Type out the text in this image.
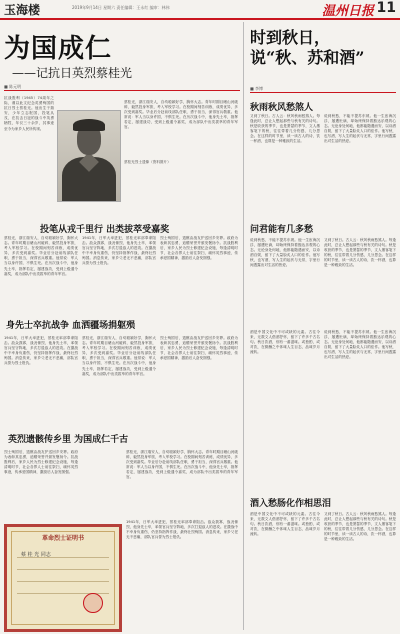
玉海楼	2019年9月14日 星期六 责任编辑：王永红 编审：林伟	温州日报 11
为国成仁
——记抗日英烈蔡桂光
■ 陈元明
抗战胜利（1945）74周年之际，谨以此文纪念英勇殉国的抗日烈士蔡桂光。他出生于瑞安，少年立志报国，投笔从戎，在抗击日寇的战斗中英勇牺牲，年仅三十余岁，其事迹至今为家乡人民所传颂。
蔡桂光烈士遗像（资料图片）
蔡桂光，浙江瑞安人，自幼聪颖好学，胸怀大志。青年时期目睹山河破碎，毅然投身军旅，考入军校学习。在校期间刻苦训练，成绩优异，多次受到嘉奖。毕业后分赴前线部队任职，勇于担当，深得官兵敬重。他常说：军人当以身许国，不惧生死。在历次战斗中，他身先士卒，指挥若定，屡建战功，受到上级通令嘉奖，成为部队中出类拔萃的青年军官。
投笔从戎千里行 出类拔萃受嘉奖
蔡桂光，浙江瑞安人，自幼聪颖好学，胸怀大志。青年时期目睹山河破碎，毅然投身军旅，考入军校学习。在校期间刻苦训练，成绩优异，多次受到嘉奖。毕业后分赴前线部队任职，勇于担当，深得官兵敬重。他常说：军人当以身许国，不惧生死。在历次战斗中，他身先士卒，指挥若定，屡建战功，受到上级通令嘉奖，成为部队中出类拔萃的青年军官。
1941年，日军大举进犯，蔡桂光率部奉命阻击。敌众我寡，战况惨烈，他身先士卒，率领官兵坚守阵地，多次打退敌人的进攻。在激战中不幸身负重伤，仍坚持指挥作战，最终壮烈殉国。消息传来，家乡父老无不悲痛，部队官兵誓为烈士报仇。
烈士殉国后，遗骸由战友护送回乡安葬。政府为表彰其忠勇，追赠荣誉并颁发褒扬令。抗战胜利后，家乡人民为烈士修建纪念设施，每逢清明时节，社会各界人士前往祭扫，缅怀英烈事迹，传承爱国精神，激励后人奋发图强。
身先士卒抗战争 血洒疆场捐躯殒
1941年，日军大举进犯，蔡桂光率部奉命阻击。敌众我寡，战况惨烈，他身先士卒，率领官兵坚守阵地，多次打退敌人的进攻。在激战中不幸身负重伤，仍坚持指挥作战，最终壮烈殉国。消息传来，家乡父老无不悲痛，部队官兵誓为烈士报仇。
蔡桂光，浙江瑞安人，自幼聪颖好学，胸怀大志。青年时期目睹山河破碎，毅然投身军旅，考入军校学习。在校期间刻苦训练，成绩优异，多次受到嘉奖。毕业后分赴前线部队任职，勇于担当，深得官兵敬重。他常说：军人当以身许国，不惧生死。在历次战斗中，他身先士卒，指挥若定，屡建战功，受到上级通令嘉奖，成为部队中出类拔萃的青年军官。
烈士殉国后，遗骸由战友护送回乡安葬。政府为表彰其忠勇，追赠荣誉并颁发褒扬令。抗战胜利后，家乡人民为烈士修建纪念设施，每逢清明时节，社会各界人士前往祭扫，缅怀英烈事迹，传承爱国精神，激励后人奋发图强。
英烈遗骸传乡里 为国成仁千古
烈士殉国后，遗骸由战友护送回乡安葬。政府为表彰其忠勇，追赠荣誉并颁发褒扬令。抗战胜利后，家乡人民为烈士修建纪念设施，每逢清明时节，社会各界人士前往祭扫，缅怀英烈事迹，传承爱国精神，激励后人奋发图强。
蔡桂光，浙江瑞安人，自幼聪颖好学，胸怀大志。青年时期目睹山河破碎，毅然投身军旅，考入军校学习。在校期间刻苦训练，成绩优异，多次受到嘉奖。毕业后分赴前线部队任职，勇于担当，深得官兵敬重。他常说：军人当以身许国，不惧生死。在历次战斗中，他身先士卒，指挥若定，屡建战功，受到上级通令嘉奖，成为部队中出类拔萃的青年军官。
1941年，日军大举进犯，蔡桂光率部奉命阻击。敌众我寡，战况惨烈，他身先士卒，率领官兵坚守阵地，多次打退敌人的进攻。在激战中不幸身负重伤，仍坚持指挥作战，最终壮烈殉国。消息传来，家乡父老无不悲痛，部队官兵誓为烈士报仇。
革命烈士证明书
蔡 桂 光 同志
时到秋日，
说“秋、苏和酒”
■ 李博
秋雨秋风愁煞人
又到了秋日。古人云：秋风秋雨愁煞人。每逢此时，总让人想起那些与秋有关的诗句。秋是收获的季节，也是萧瑟的季节，文人墨客笔下的秋，往往带着几分伤感，几分思念。在这样的时节里，读一读古人的诗，饮一杯酒，也算是一种雅致的生活。
说到秋愁，不能不提苏东坡。他一生宦海沉浮，屡遭贬谪，却始终保持着豁达乐观的心态。无论身处何地，他都能随遇而安，以诗酒自娱，留下了大量脍炙人口的佳作。他写秋，也写酒，写人生的起伏与无常，字里行间透露出对生活的热爱。
问君能有几多愁
说到秋愁，不能不提苏东坡。他一生宦海沉浮，屡遭贬谪，却始终保持着豁达乐观的心态。无论身处何地，他都能随遇而安，以诗酒自娱，留下了大量脍炙人口的佳作。他写秋，也写酒，写人生的起伏与无常，字里行间透露出对生活的热爱。
又到了秋日。古人云：秋风秋雨愁煞人。每逢此时，总让人想起那些与秋有关的诗句。秋是收获的季节，也是萧瑟的季节，文人墨客笔下的秋，往往带着几分伤感，几分思念。在这样的时节里，读一读古人的诗，饮一杯酒，也算是一种雅致的生活。
酒是中国文化中不可或缺的元素。古往今来，无数文人借酒抒怀，留下了许多千古名句。秋日饮酒，别有一番滋味。或独酌，或对饮，在微醺之中体味人生百态，品味岁月流转。
说到秋愁，不能不提苏东坡。他一生宦海沉浮，屡遭贬谪，却始终保持着豁达乐观的心态。无论身处何地，他都能随遇而安，以诗酒自娱，留下了大量脍炙人口的佳作。他写秋，也写酒，写人生的起伏与无常，字里行间透露出对生活的热爱。
酒入愁肠化作相思泪
酒是中国文化中不可或缺的元素。古往今来，无数文人借酒抒怀，留下了许多千古名句。秋日饮酒，别有一番滋味。或独酌，或对饮，在微醺之中体味人生百态，品味岁月流转。
又到了秋日。古人云：秋风秋雨愁煞人。每逢此时，总让人想起那些与秋有关的诗句。秋是收获的季节，也是萧瑟的季节，文人墨客笔下的秋，往往带着几分伤感，几分思念。在这样的时节里，读一读古人的诗，饮一杯酒，也算是一种雅致的生活。
